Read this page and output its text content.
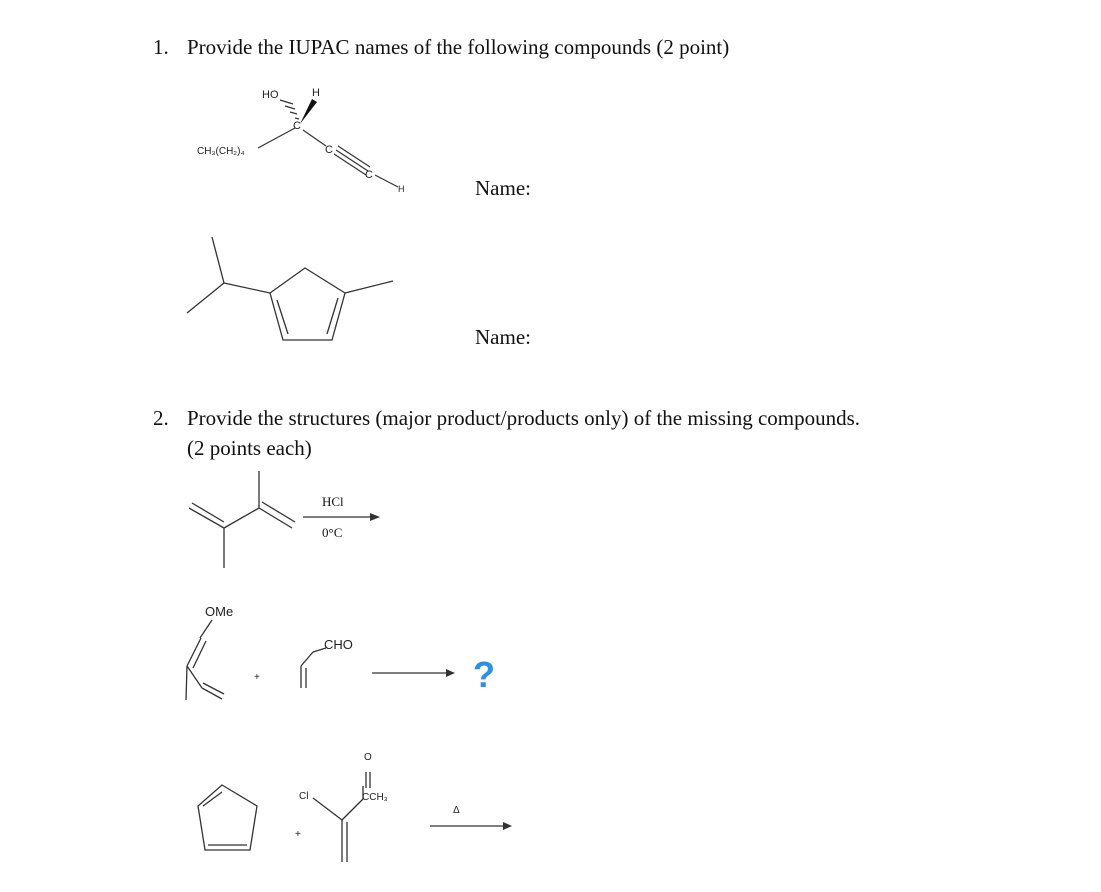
1. Provide the IUPAC names of the following compounds (2 point)
Name:
Name:
2. Provide the structures (major product/products only) of the missing compounds.
(2 points each)
HO	H
CH₃(CH₂)₄
C
C
C
H
HCl
0°C
OMe
+
CHO
?
+
Cl
O
CCH₃
Δ
